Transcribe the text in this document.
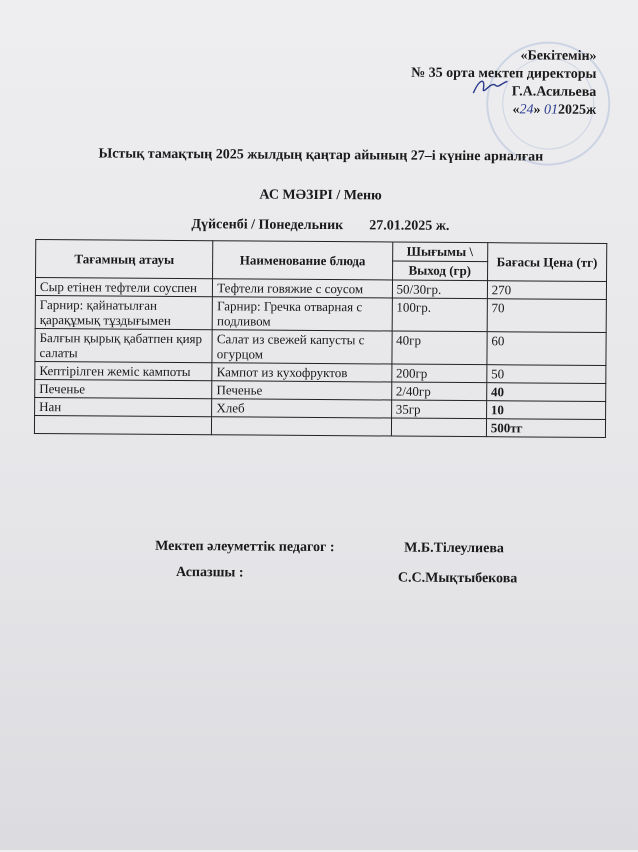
«Бекітемін»
№ 35 орта мектеп директоры
Г.А.Асильева
«24» 012025ж
Ыстық тамақтың 2025 жылдың қаңтар айының 27–і күніне арналған
АС МӘЗІРІ / Меню
Дүйсенбі / Понедельник 27.01.2025 ж.
Тағамның атауы	Наименование блюда	Шығымы \	Бағасы Цена (тг)
		Выход (гр)	
Сыр етінен тефтели соуспен	Тефтели говяжие с соусом	50/30гр.	270
Гарнир: қайнатылған қарақұмық тұздығымен	Гарнир: Гречка отварная с подливом	100гр.	70
Балғын қырық қабатпен қияр салаты	Салат из свежей капусты с огурцом	40гр	60
Кептірілген жеміс кампоты	Кампот из кухофруктов	200гр	50
Печенье	Печенье	2/40гр	40
Нан	Хлеб	35гр	10
			500тг
Мектеп әлеуметтік педагог :	М.Б.Тілеулиева
Аспазшы :	С.С.Мықтыбекова
